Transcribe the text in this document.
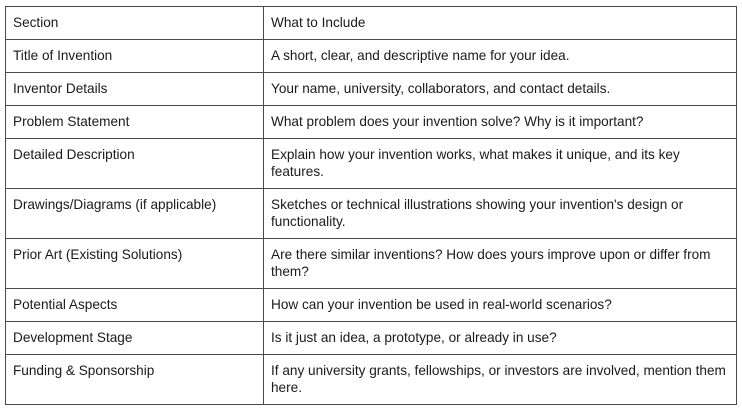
Section	What to Include
Title of Invention	A short, clear, and descriptive name for your idea.
Inventor Details	Your name, university, collaborators, and contact details.
Problem Statement	What problem does your invention solve? Why is it important?
Detailed Description	Explain how your invention works, what makes it unique, and its key features.
Drawings/Diagrams (if applicable)	Sketches or technical illustrations showing your invention's design or functionality.
Prior Art (Existing Solutions)	Are there similar inventions? How does yours improve upon or differ from them?
Potential Aspects	How can your invention be used in real-world scenarios?
Development Stage	Is it just an idea, a prototype, or already in use?
Funding & Sponsorship	If any university grants, fellowships, or investors are involved, mention them here.
